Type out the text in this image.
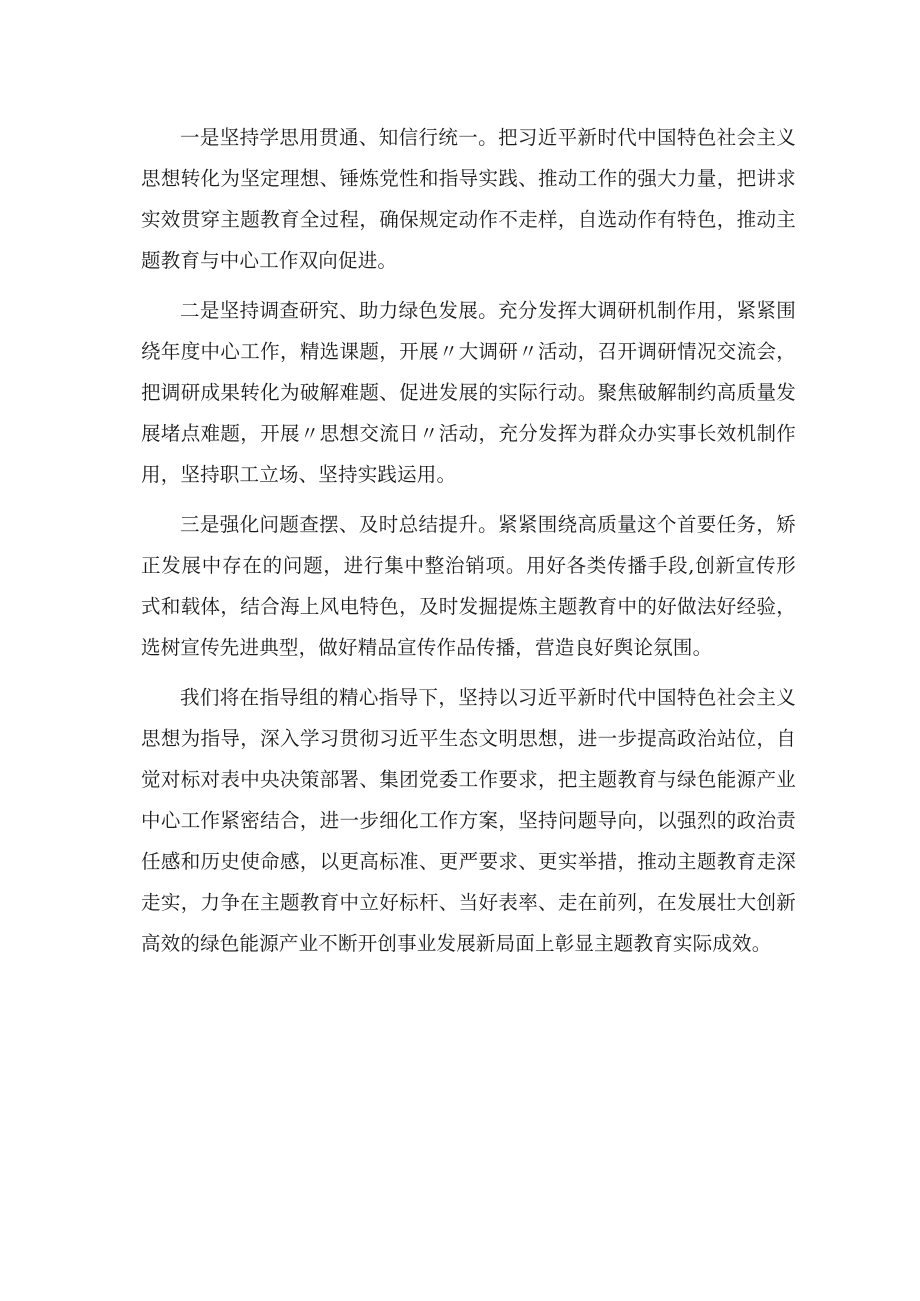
一是坚持学思用贯通、知信行统一。把习近平新时代中国特色社会主义思想转化为坚定理想、锤炼党性和指导实践、推动工作的强大力量，把讲求实效贯穿主题教育全过程，确保规定动作不走样，自选动作有特色，推动主题教育与中心工作双向促进。

二是坚持调查研究、助力绿色发展。充分发挥大调研机制作用，紧紧围绕年度中心工作，精选课题，开展〃大调研〃活动，召开调研情况交流会，把调研成果转化为破解难题、促进发展的实际行动。聚焦破解制约高质量发展堵点难题，开展〃思想交流日〃活动，充分发挥为群众办实事长效机制作用，坚持职工立场、坚持实践运用。

三是强化问题查摆、及时总结提升。紧紧围绕高质量这个首要任务，矫正发展中存在的问题，进行集中整治销项。用好各类传播手段,创新宣传形式和载体，结合海上风电特色，及时发掘提炼主题教育中的好做法好经验，选树宣传先进典型，做好精品宣传作品传播，营造良好舆论氛围。

我们将在指导组的精心指导下，坚持以习近平新时代中国特色社会主义思想为指导，深入学习贯彻习近平生态文明思想，进一步提高政治站位，自觉对标对表中央决策部署、集团党委工作要求，把主题教育与绿色能源产业中心工作紧密结合，进一步细化工作方案，坚持问题导向，以强烈的政治责任感和历史使命感，以更高标准、更严要求、更实举措，推动主题教育走深走实，力争在主题教育中立好标杆、当好表率、走在前列，在发展壮大创新高效的绿色能源产业不断开创事业发展新局面上彰显主题教育实际成效。
